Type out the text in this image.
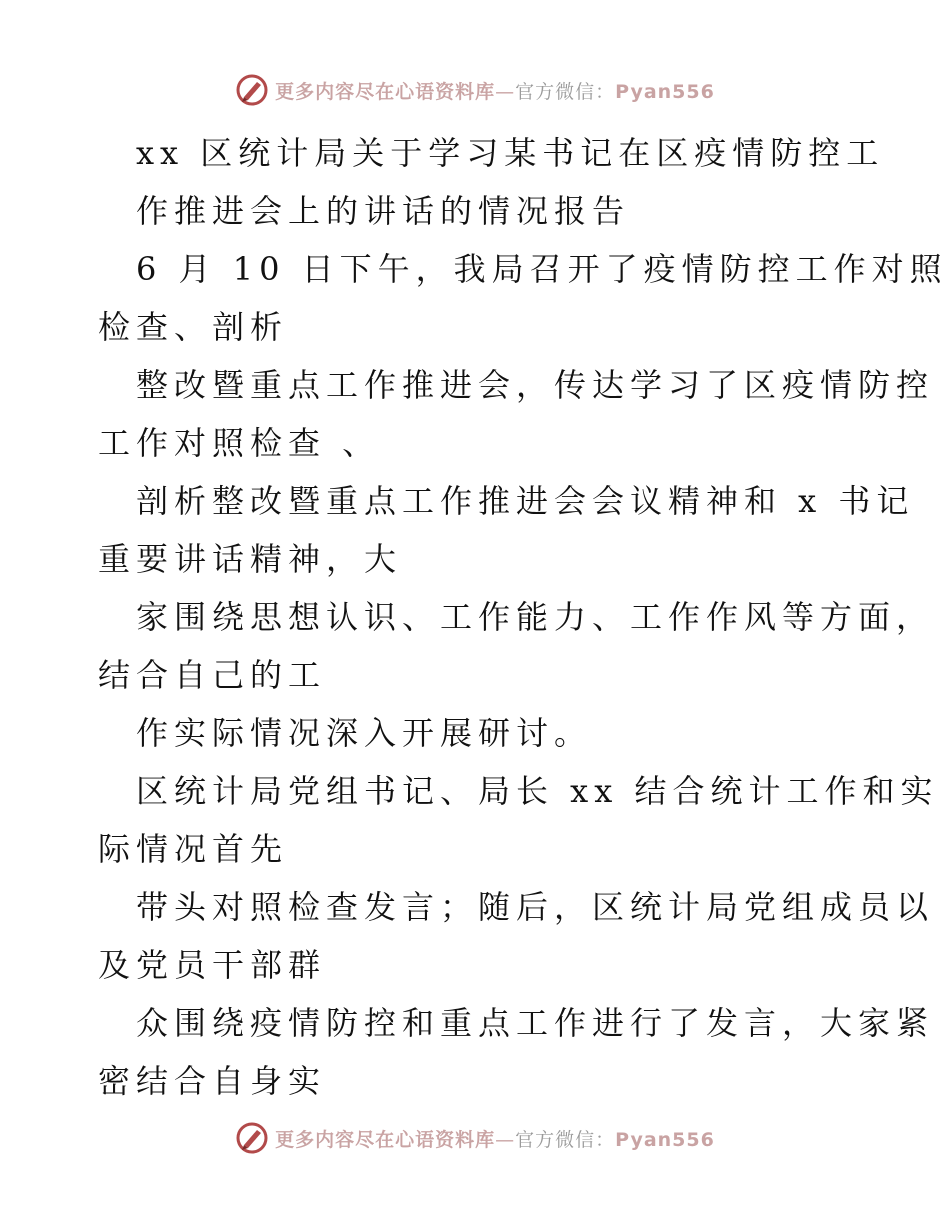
更多内容尽在心语资料库—官方微信：Pyan556
xx 区统计局关于学习某书记在区疫情防控工
作推进会上的讲话的情况报告
6 月 10 日下午，我局召开了疫情防控工作对照
检查、剖析
整改暨重点工作推进会，传达学习了区疫情防控
工作对照检查 、
剖析整改暨重点工作推进会会议精神和 x 书记
重要讲话精神，大
家围绕思想认识、工作能力、工作作风等方面，
结合自己的工
作实际情况深入开展研讨。
区统计局党组书记、局长 xx 结合统计工作和实
际情况首先
带头对照检查发言；随后，区统计局党组成员以
及党员干部群
众围绕疫情防控和重点工作进行了发言，大家紧
密结合自身实
更多内容尽在心语资料库—官方微信：Pyan556
